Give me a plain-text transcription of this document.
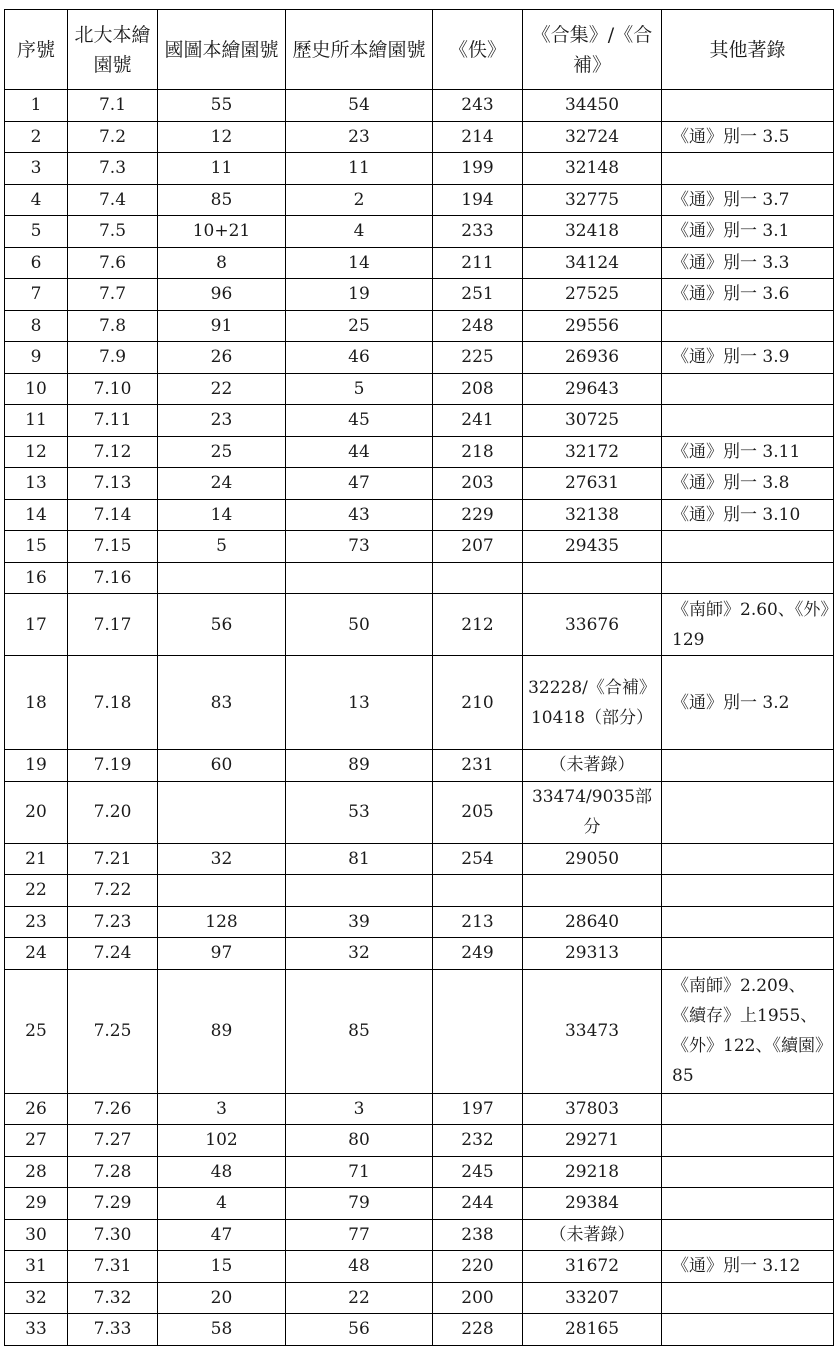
序號	北大本繪園號	國圖本繪園號	歷史所本繪園號	《佚》	《合集》/《合補》	其他著錄
1	7.1	55	54	243	34450	
2	7.2	12	23	214	32724	《通》別一 3.5
3	7.3	11	11	199	32148	
4	7.4	85	2	194	32775	《通》別一 3.7
5	7.5	10+21	4	233	32418	《通》別一 3.1
6	7.6	8	14	211	34124	《通》別一 3.3
7	7.7	96	19	251	27525	《通》別一 3.6
8	7.8	91	25	248	29556	
9	7.9	26	46	225	26936	《通》別一 3.9
10	7.10	22	5	208	29643	
11	7.11	23	45	241	30725	
12	7.12	25	44	218	32172	《通》別一 3.11
13	7.13	24	47	203	27631	《通》別一 3.8
14	7.14	14	43	229	32138	《通》別一 3.10
15	7.15	5	73	207	29435	
16	7.16					
17	7.17	56	50	212	33676	《南師》2.60、《外》129
18	7.18	83	13	210	32228/《合補》10418（部分）	《通》別一 3.2
19	7.19	60	89	231	（未著錄）	
20	7.20		53	205	33474/9035部分	
21	7.21	32	81	254	29050	
22	7.22					
23	7.23	128	39	213	28640	
24	7.24	97	32	249	29313	
25	7.25	89	85		33473	《南師》2.209、《續存》上1955、《外》122、《續園》85
26	7.26	3	3	197	37803	
27	7.27	102	80	232	29271	
28	7.28	48	71	245	29218	
29	7.29	4	79	244	29384	
30	7.30	47	77	238	（未著錄）	
31	7.31	15	48	220	31672	《通》別一 3.12
32	7.32	20	22	200	33207	
33	7.33	58	56	228	28165	
